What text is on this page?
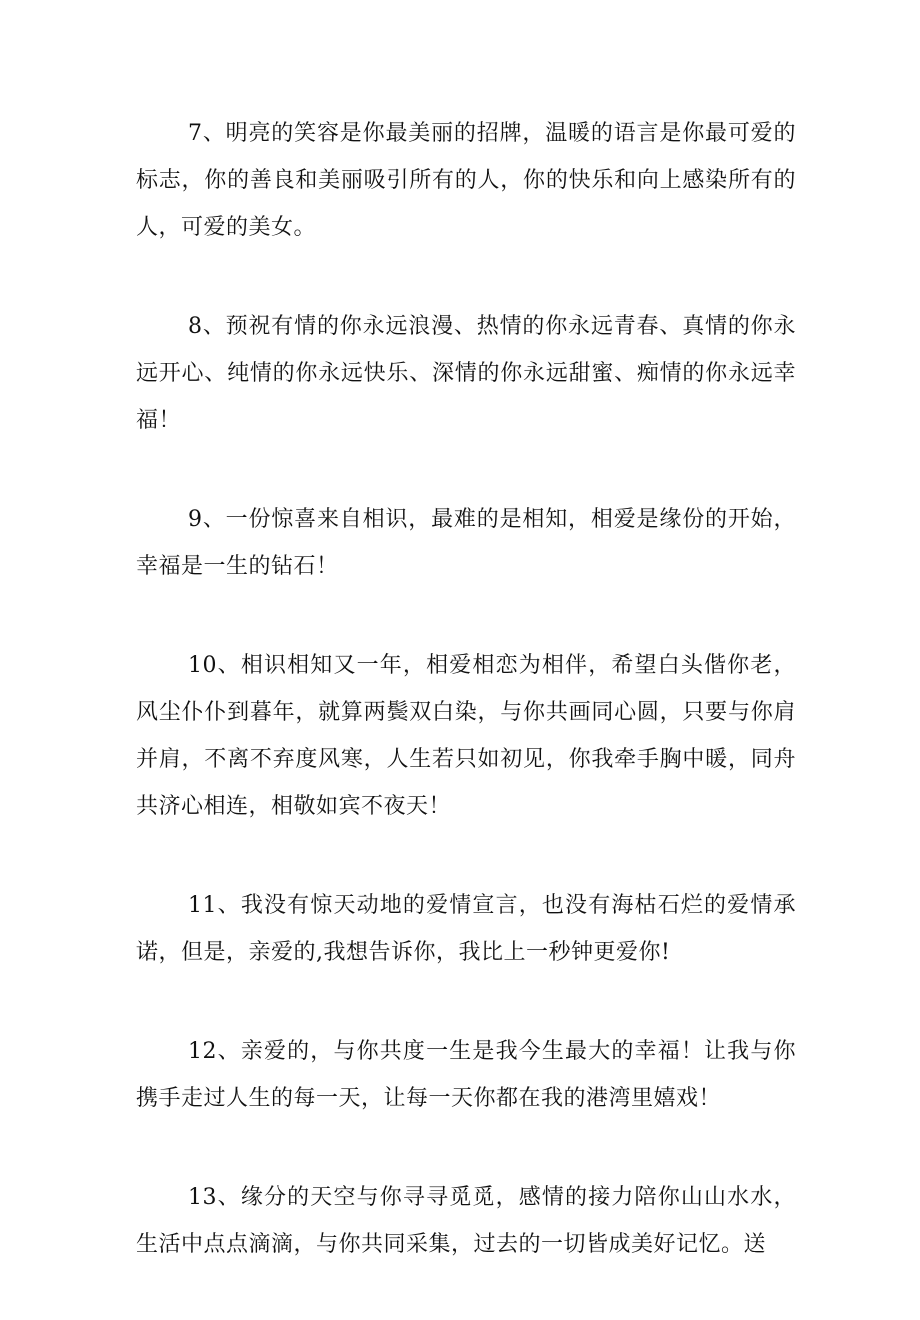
7、明亮的笑容是你最美丽的招牌，温暖的语言是你最可爱的标志，你的善良和美丽吸引所有的人，你的快乐和向上感染所有的人，可爱的美女。

8、预祝有情的你永远浪漫、热情的你永远青春、真情的你永远开心、纯情的你永远快乐、深情的你永远甜蜜、痴情的你永远幸福！

9、一份惊喜来自相识，最难的是相知，相爱是缘份的开始，幸福是一生的钻石！

10、相识相知又一年，相爱相恋为相伴，希望白头偕你老，风尘仆仆到暮年，就算两鬓双白染，与你共画同心圆，只要与你肩并肩，不离不弃度风寒，人生若只如初见，你我牵手胸中暖，同舟共济心相连，相敬如宾不夜天！

11、我没有惊天动地的爱情宣言，也没有海枯石烂的爱情承诺，但是，亲爱的,我想告诉你，我比上一秒钟更爱你!

12、亲爱的，与你共度一生是我今生最大的幸福！让我与你携手走过人生的每一天，让每一天你都在我的港湾里嬉戏！

13、缘分的天空与你寻寻觅觅，感情的接力陪你山山水水，生活中点点滴滴，与你共同采集，过去的一切皆成美好记忆。送
